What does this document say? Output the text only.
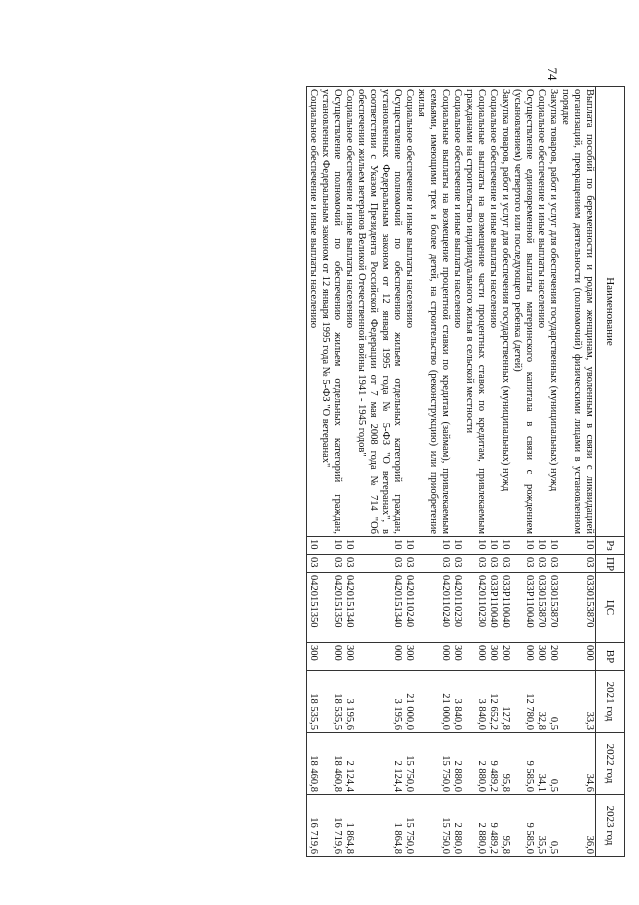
74
Наименование	Рз	ПР	ЦС	ВР	2021 год	2022 год	2023 год
Выплата пособий по беременности и родам женщинам, уволенным в связи с ликвидацией организаций, прекращением деятельности (полномочий) физическими лицами в установленном порядке	10	03	0330153870	000	33,3	34,6	36,0
Закупка товаров, работ и услуг для обеспечения государственных (муниципальных) нужд	10	03	0330153870	200	0,5	0,5	0,5
Социальное обеспечение и иные выплаты населению	10	03	0330153870	300	32,8	34,1	35,5
Осуществление единовременной выплаты материнского капитала в связи с рождением (усыновлением) четвертого или последующего ребенка (детей)	10	03	033P110040	000	12 780,0	9 585,0	9 585,0
Закупка товаров, работ и услуг для обеспечения государственных (муниципальных) нужд	10	03	033P110040	200	127,8	95,8	95,8
Социальное обеспечение и иные выплаты населению	10	03	033P110040	300	12 652,2	9 489,2	9 489,2
Социальные выплаты на возмещение части процентных ставок по кредитам, привлекаемым гражданами на строительство индивидуального жилья в сельской местности	10	03	0420110230	000	3 840,0	2 880,0	2 880,0
Социальное обеспечение и иные выплаты населению	10	03	0420110230	300	3 840,0	2 880,0	2 880,0
Социальные выплаты на возмещение процентной ставки по кредитам (займам), привлекаемым семьями, имеющими трех и более детей, на строительство (реконструкцию) или приобретение жилья	10	03	0420110240	000	21 000,0	15 750,0	15 750,0
Социальное обеспечение и иные выплаты населению	10	03	0420110240	300	21 000,0	15 750,0	15 750,0
Осуществление полномочий по обеспечению жильем отдельных категорий граждан, установленных Федеральным законом от 12 января 1995 года № 5-ФЗ "О ветеранах", в соответствии с Указом Президента Российской Федерации от 7 мая 2008 года № 714 "Об обеспечении жильем ветеранов Великой Отечественной войны 1941 - 1945 годов"	10	03	0420151340	000	3 195,6	2 124,4	1 864,8
Социальное обеспечение и иные выплаты населению	10	03	0420151340	300	3 195,6	2 124,4	1 864,8
Осуществление полномочий по обеспечению жильем отдельных категорий граждан, установленных Федеральным законом от 12 января 1995 года № 5-ФЗ "О ветеранах"	10	03	0420151350	000	18 535,5	18 460,8	16 719,6
Социальное обеспечение и иные выплаты населению	10	03	0420151350	300	18 535,5	18 460,8	16 719,6
